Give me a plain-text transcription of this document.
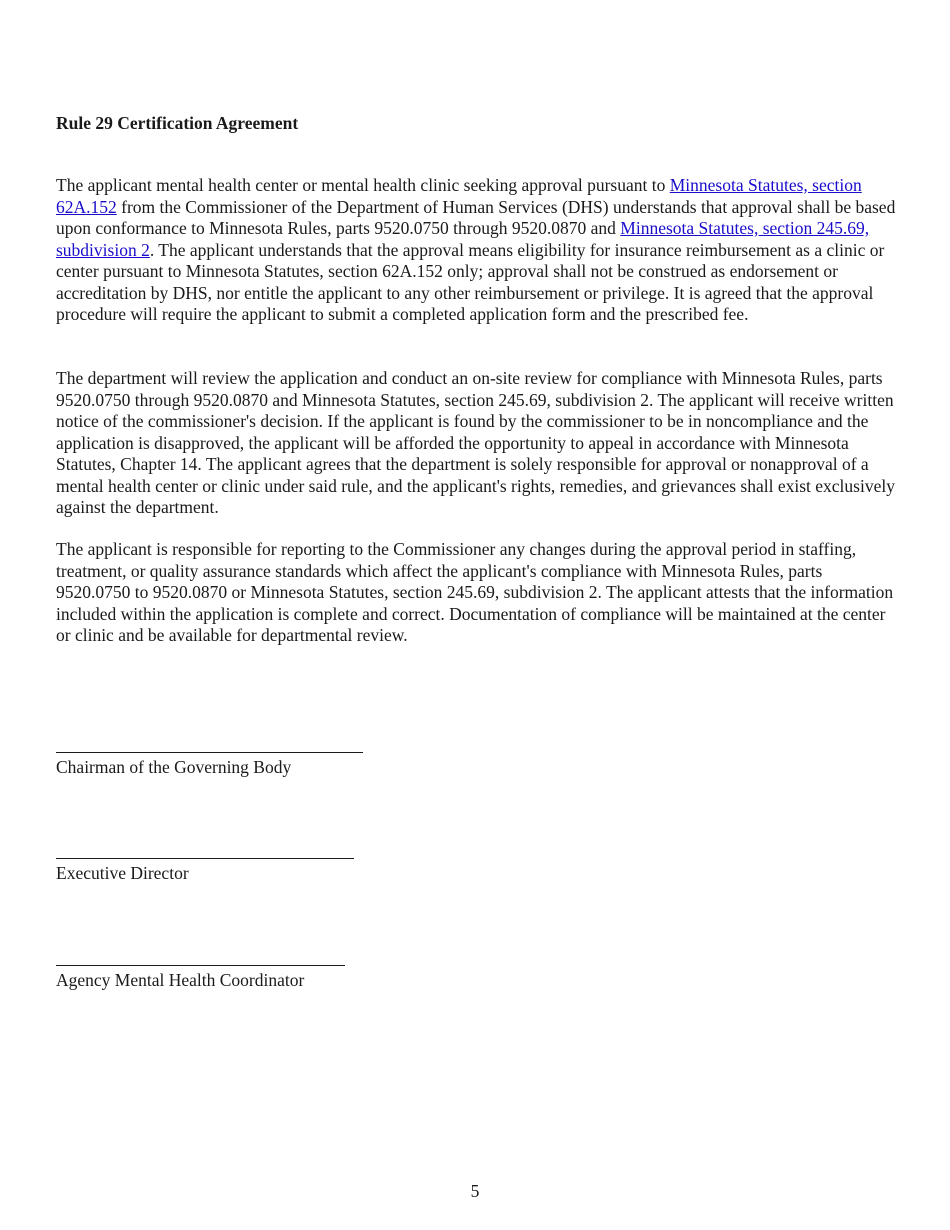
Rule 29 Certification Agreement

The applicant mental health center or mental health clinic seeking approval pursuant to Minnesota Statutes, section 62A.152 from the Commissioner of the Department of Human Services (DHS) understands that approval shall be based upon conformance to Minnesota Rules, parts 9520.0750 through 9520.0870 and Minnesota Statutes, section 245.69, subdivision 2. The applicant understands that the approval means eligibility for insurance reimbursement as a clinic or center pursuant to Minnesota Statutes, section 62A.152 only; approval shall not be construed as endorsement or accreditation by DHS, nor entitle the applicant to any other reimbursement or privilege. It is agreed that the approval procedure will require the applicant to submit a completed application form and the prescribed fee.

The department will review the application and conduct an on-site review for compliance with Minnesota Rules, parts 9520.0750 through 9520.0870 and Minnesota Statutes, section 245.69, subdivision 2. The applicant will receive written notice of the commissioner's decision. If the applicant is found by the commissioner to be in noncompliance and the application is disapproved, the applicant will be afforded the opportunity to appeal in accordance with Minnesota Statutes, Chapter 14. The applicant agrees that the department is solely responsible for approval or nonapproval of a mental health center or clinic under said rule, and the applicant's rights, remedies, and grievances shall exist exclusively against the department.

The applicant is responsible for reporting to the Commissioner any changes during the approval period in staffing, treatment, or quality assurance standards which affect the applicant's compliance with Minnesota Rules, parts 9520.0750 to 9520.0870 or Minnesota Statutes, section 245.69, subdivision 2. The applicant attests that the information included within the application is complete and correct. Documentation of compliance will be maintained at the center or clinic and be available for departmental review.

Chairman of the Governing Body
Executive Director
Agency Mental Health Coordinator
5
